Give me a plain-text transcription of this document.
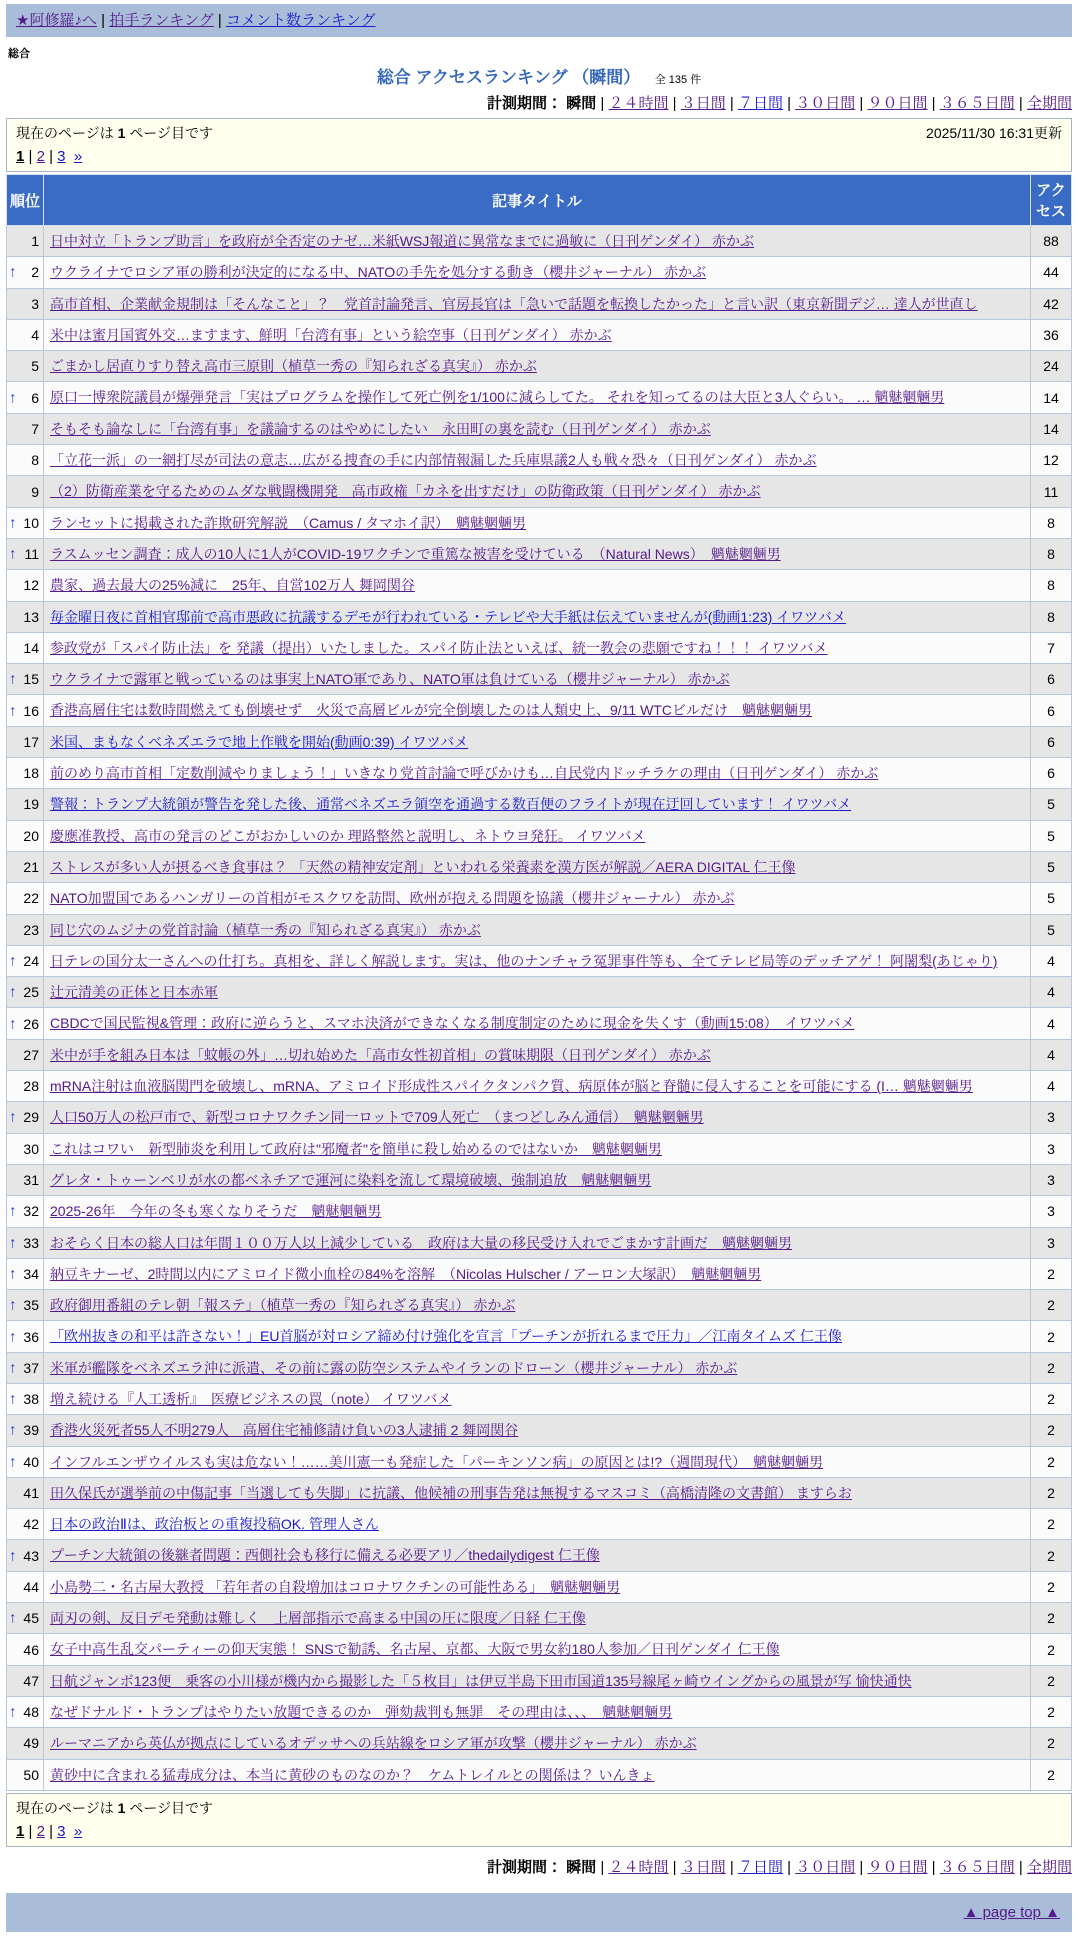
★阿修羅♪へ | 拍手ランキング | コメント数ランキング
総合
総合 アクセスランキング （瞬間） 全 135 件
計測期間： 瞬間 | ２４時間 | ３日間 | ７日間 | ３０日間 | ９０日間 | ３６５日間 | 全期間
現在のページは 1 ページ目です	2025/11/30 16:31更新
1 | 2 | 3 »
順位	記事タイトル	アクセス
1	日中対立「トランプ助言」を政府が全否定のナゼ…米紙WSJ報道に異常なまでに過敏に（日刊ゲンダイ） 赤かぶ	88

↑ 2	ウクライナでロシア軍の勝利が決定的になる中、NATOの手先を処分する動き（櫻井ジャーナル） 赤かぶ	44
3	高市首相、企業献金規制は「そんなこと」？　党首討論発言、官房長官は「急いで話題を転換したかった」と言い訳（東京新聞デジ… 達人が世直し	42
4	米中は蜜月国賓外交…ますます、鮮明「台湾有事」という絵空事（日刊ゲンダイ） 赤かぶ	36
5	ごまかし居直りすり替え高市三原則（植草一秀の『知られざる真実』） 赤かぶ	24

↑ 6	原口一博衆院議員が爆弾発言「実はプログラムを操作して死亡例を1/100に減らしてた。 それを知ってるのは大臣と3人ぐらい。 … 魑魅魍魎男	14
7	そもそも論なしに「台湾有事」を議論するのはやめにしたい　永田町の裏を読む（日刊ゲンダイ） 赤かぶ	14
8	「立花一派」の一網打尽が司法の意志…広がる捜査の手に内部情報漏した兵庫県議2人も戦々恐々（日刊ゲンダイ） 赤かぶ	12
9	（2）防衛産業を守るためのムダな戦闘機開発　高市政権「カネを出すだけ」の防衛政策（日刊ゲンダイ） 赤かぶ	11

↑ 10	ランセットに掲載された詐欺研究解説　（Camus / タマホイ訳）　魑魅魍魎男	8

↑ 11	ラスムッセン調査：成人の10人に1人がCOVID-19ワクチンで重篤な被害を受けている　（Natural News）　魑魅魍魎男	8
12	農家、過去最大の25%減に　25年、自営102万人 舞岡関谷	8
13	毎金曜日夜に首相官邸前で高市悪政に抗議するデモが行われている・テレビや大手紙は伝えていませんが(動画1:23) イワツバメ	8
14	参政党が「スパイ防止法」を 発議（提出）いたしました。スパイ防止法といえば、統一教会の悲願ですね！！！ イワツバメ	7

↑ 15	ウクライナで露軍と戦っているのは事実上NATO軍であり、NATO軍は負けている（櫻井ジャーナル） 赤かぶ	6

↑ 16	香港高層住宅は数時間燃えても倒壊せず　火災で高層ビルが完全倒壊したのは人類史上、9/11 WTCビルだけ　魑魅魍魎男	6
17	米国、まもなくベネズエラで地上作戦を開始(動画0:39) イワツバメ	6
18	前のめり高市首相「定数削減やりましょう！」いきなり党首討論で呼びかけも…自民党内ドッチラケの理由（日刊ゲンダイ） 赤かぶ	6
19	警報：トランプ大統領が警告を発した後、通常ベネズエラ領空を通過する数百便のフライトが現在迂回しています！ イワツバメ	5
20	慶應准教授、高市の発言のどこがおかしいのか 理路整然と説明し、ネトウヨ発狂。 イワツバメ	5
21	ストレスが多い人が摂るべき食事は？ 「天然の精神安定剤」といわれる栄養素を漢方医が解説／AERA DIGITAL 仁王像	5
22	NATO加盟国であるハンガリーの首相がモスクワを訪問、欧州が抱える問題を協議（櫻井ジャーナル） 赤かぶ	5
23	同じ穴のムジナの党首討論（植草一秀の『知られざる真実』） 赤かぶ	5

↑ 24	日テレの国分太一さんへの仕打ち。真相を、詳しく解説します。実は、他のナンチャラ冤罪事件等も、全てテレビ局等のデッチアゲ！ 阿闍梨(あじゃり)	4

↑ 25	辻元清美の正体と日本赤軍	4

↑ 26	CBDCで国民監視&管理：政府に逆らうと、スマホ決済ができなくなる制度制定のために現金を失くす（動画15:08）　イワツバメ	4
27	米中が手を組み日本は「蚊帳の外」…切れ始めた「高市女性初首相」の賞味期限（日刊ゲンダイ） 赤かぶ	4
28	mRNA注射は血液脳関門を破壊し、mRNA、アミロイド形成性スパイクタンパク質、病原体が脳と脊髄に侵入することを可能にする (I… 魑魅魍魎男	4

↑ 29	人口50万人の松戸市で、新型コロナワクチン同一ロットで709人死亡　（まつどしみん通信）　魑魅魍魎男	3
30	これはコワい　新型肺炎を利用して政府は"邪魔者"を簡単に殺し始めるのではないか　魑魅魍魎男	3
31	グレタ・トゥーンベリが水の都ベネチアで運河に染料を流して環境破壊、強制追放　魑魅魍魎男	3

↑ 32	2025-26年　今年の冬も寒くなりそうだ　魑魅魍魎男	3

↑ 33	おそらく日本の総人口は年間１００万人以上減少している　政府は大量の移民受け入れでごまかす計画だ　魑魅魍魎男	3

↑ 34	納豆キナーゼ、2時間以内にアミロイド微小血栓の84%を溶解　（Nicolas Hulscher / アーロン大塚訳）　魑魅魍魎男	2

↑ 35	政府御用番組のテレ朝「報ステ」（植草一秀の『知られざる真実』） 赤かぶ	2

↑ 36	「欧州抜きの和平は許さない！」EU首脳が対ロシア締め付け強化を宣言「プーチンが折れるまで圧力」／江南タイムズ 仁王像	2

↑ 37	米軍が艦隊をベネズエラ沖に派遣、その前に露の防空システムやイランのドローン（櫻井ジャーナル） 赤かぶ	2

↑ 38	増え続ける『人工透析』　医療ビジネスの罠（note） イワツバメ	2

↑ 39	香港火災死者55人不明279人　高層住宅補修請け負いの3人逮捕 2 舞岡関谷	2

↑ 40	インフルエンザウイルスも実は危ない！……美川憲一も発症した「パーキンソン病」の原因とは!?（週間現代）　魑魅魍魎男	2
41	田久保氏が選挙前の中傷記事「当選しても失脚」に抗議、他候補の刑事告発は無視するマスコミ（高橋清隆の文書館） ますらお	2
42	日本の政治Ⅱは、政治板との重複投稿OK. 管理人さん	2

↑ 43	プーチン大統領の後継者問題：西側社会も移行に備える必要アリ／thedailydigest 仁王像	2
44	小島勢二・名古屋大教授 「若年者の自殺増加はコロナワクチンの可能性ある」　魑魅魍魎男	2

↑ 45	両刃の剣、反日デモ発動は難しく　上層部指示で高まる中国の圧に限度／日経 仁王像	2
46	女子中高生乱交パーティーの仰天実態！ SNSで勧誘、名古屋、京都、大阪で男女約180人参加／日刊ゲンダイ 仁王像	2
47	日航ジャンボ123便　乗客の小川様が機内から撮影した「５枚目」は伊豆半島下田市国道135号線尾ヶ崎ウイングからの風景が写 愉快通快	2

↑ 48	なぜドナルド・トランプはやりたい放題できるのか　弾劾裁判も無罪　その理由は、、、　魑魅魍魎男	2
49	ルーマニアから英仏が拠点にしているオデッサへの兵站線をロシア軍が攻撃（櫻井ジャーナル） 赤かぶ	2
50	黄砂中に含まれる猛毒成分は、本当に黄砂のものなのか？　ケムトレイルとの関係は？ いんきょ	2
現在のページは 1 ページ目です
1 | 2 | 3 »
計測期間： 瞬間 | ２４時間 | ３日間 | ７日間 | ３０日間 | ９０日間 | ３６５日間 | 全期間
▲ page top ▲
